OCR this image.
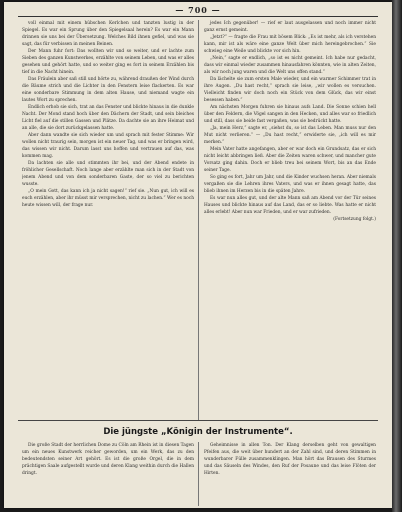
— 700 —

voll einmal mit einem hübschen Kerlchen und tanzten lustig in der Spiegel. Es war ein Sprung über den Spiegelsaal herein? Es war ein Mann drinnen sie uns bei der Übersetzung. Welches Bild ihnen gefiel, und was sie sagt, das für verbissen in meinen Beinen.

Der Mann fuhr fort: Das wollten wir und so weiter, und er lachte zum Sieben des ganzen Kunstwerkes, erzählte von seinem Leben, und was er alles gesehen und gehört hatte, und so weiter ging es fort in seinem Erzählen bis tief in die Nacht hinein.

Das Fräulein aber saß still und hörte zu, während draußen der Wind durch die Bäume strich und die Lichter in den Fenstern leise flackerten. Es war eine sonderbare Stimmung in dem alten Hause, und niemand wagte ein lautes Wort zu sprechen.

Endlich erhob sie sich, trat an das Fenster und blickte hinaus in die dunkle Nacht. Der Mond stand hoch über den Dächern der Stadt, und sein bleiches Licht fiel auf die stillen Gassen und Plätze. Da dachte sie an ihre Heimat und an alle, die sie dort zurückgelassen hatte.

Aber dann wandte sie sich wieder um und sprach mit fester Stimme: Wir wollen nicht traurig sein, morgen ist ein neuer Tag, und was er bringen wird, das wissen wir nicht. Darum lasst uns hoffen und vertrauen auf das, was kommen mag.

Da lachten sie alle und stimmten ihr bei, und der Abend endete in fröhlicher Gesellschaft. Noch lange aber erzählte man sich in der Stadt von jenem Abend und von dem sonderbaren Gaste, der so viel zu berichten wusste.

„O mein Gott, das kann ich ja nicht sagen!“ rief sie. „Nun gut, ich will es euch erzählen, aber ihr müsst mir versprechen, nicht zu lachen.“ Wer es noch heute wissen will, der frage nur.

jedes Ich gegenüber! — rief er laut ausgelassen und noch immer nicht ganz ernst gemeint.

„Jetzt?“ — fragte die Frau mit bösem Blick: „Es ist mehr, als ich verstehen kann, mir ist als wäre eine ganze Welt über mich hereingebrochen.“ Sie schwieg eine Weile und blickte vor sich hin.

„Nein,“ sagte er endlich, „so ist es nicht gemeint. Ich habe nur gedacht, dass wir einmal wieder zusammen hinausfahren könnten, wie in alten Zeiten, als wir noch jung waren und die Welt uns offen stand.“

Da lächelte sie zum ersten Male wieder, und ein warmer Schimmer trat in ihre Augen. „Du hast recht,“ sprach sie leise, „wir wollen es versuchen. Vielleicht finden wir doch noch ein Stück von dem Glück, das wir einst besessen haben.“

Am nächsten Morgen fuhren sie hinaus aufs Land. Die Sonne schien hell über den Feldern, die Vögel sangen in den Hecken, und alles war so friedlich und still, dass sie beide fast vergaßen, was sie bedrückt hatte.

„Ja, mein Herz,“ sagte er, „siehst du, so ist das Leben. Man muss nur den Mut nicht verlieren.“ — „Du hast recht,“ erwiderte sie, „ich will es mir merken.“

Mein Vater hatte angefangen, aber er war doch ein Grundsatz, das er sich nicht leicht abbringen ließ. Aber die Zeiten waren schwer, und mancher gute Vorsatz ging dahin. Doch er blieb treu bei seinem Wort, bis an das Ende seiner Tage.

So ging es fort, Jahr um Jahr, und die Kinder wuchsen heran. Aber niemals vergaßen sie die Lehren ihres Vaters, und was er ihnen gesagt hatte, das blieb ihnen im Herzen bis in die späten Jahre.

Es war nun alles gut, und der alte Mann saß am Abend vor der Tür seines Hauses und blickte hinaus auf das Land, das er so liebte. Was hatte er nicht alles erlebt! Aber nun war Frieden, und er war zufrieden.

(Fortsetzung folgt.)

Die jüngste „Königin der Instrumente“.

Die große Stadt der herrlichen Dome zu Cöln am Rhein ist in diesen Tagen um ein neues Kunstwerk reicher geworden, um ein Werk, das zu den bedeutendsten seiner Art gehört. Es ist die große Orgel, die in dem prächtigen Saale aufgestellt wurde und deren Klang weithin durch die Hallen dringt.

Geheimnisse in allen Ton. Der Klang derselben geht von gewaltigen Pfeifen aus, die weit über hundert an der Zahl sind, und deren Stimmen in wunderbarer Fülle zusammenklingen. Man hört das Brausen des Sturmes und das Säuseln des Windes, den Ruf der Posaune und das leise Flöten der Hirten.
